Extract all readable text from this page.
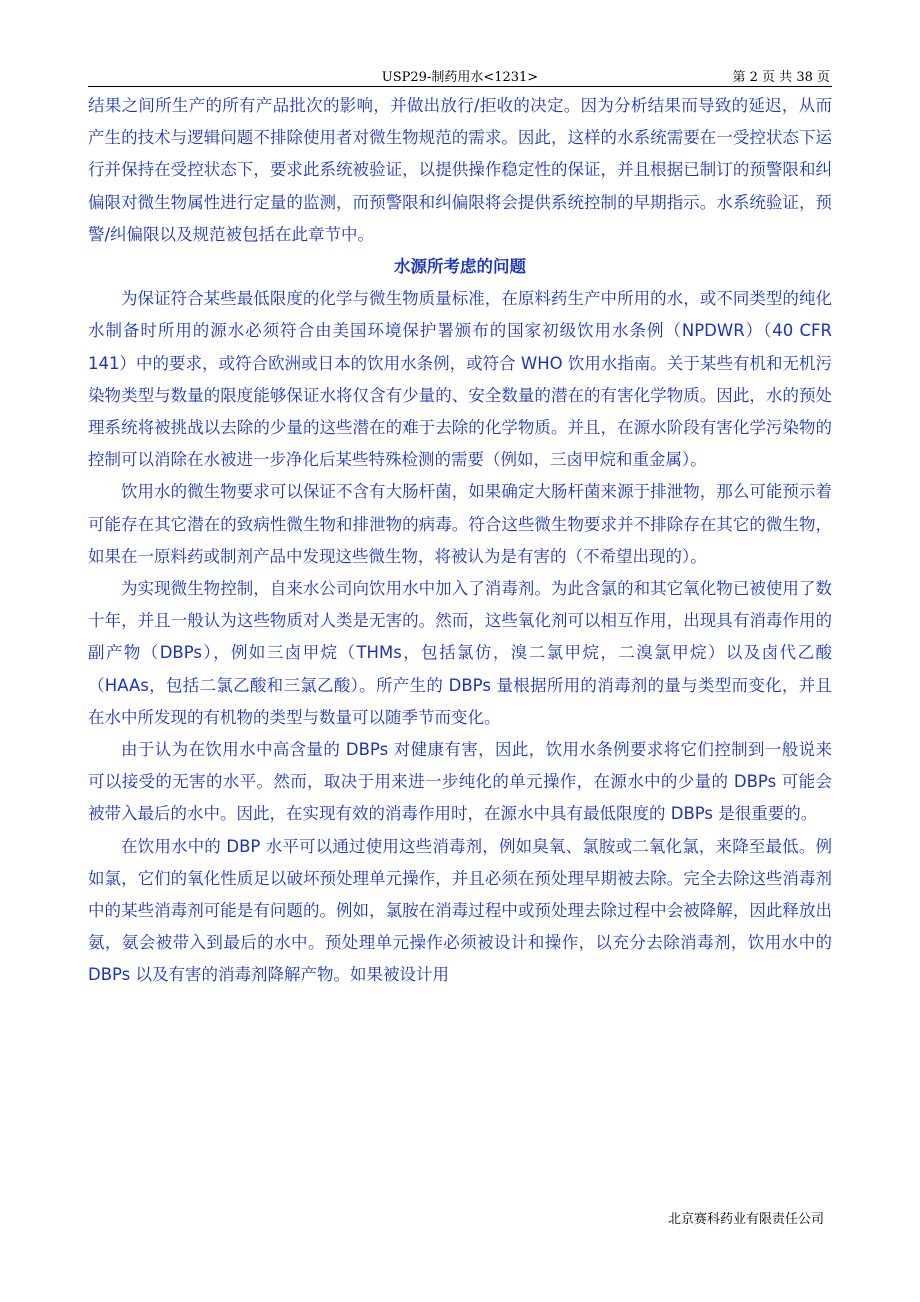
USP29-制药用水<1231>	第 2 页 共 38 页

结果之间所生产的所有产品批次的影响，并做出放行/拒收的决定。因为分析结果而导致的延迟，从而产生的技术与逻辑问题不排除使用者对微生物规范的需求。因此，这样的水系统需要在一受控状态下运行并保持在受控状态下，要求此系统被验证，以提供操作稳定性的保证，并且根据已制订的预警限和纠偏限对微生物属性进行定量的监测，而预警限和纠偏限将会提供系统控制的早期指示。水系统验证，预警/纠偏限以及规范被包括在此章节中。

水源所考虑的问题

为保证符合某些最低限度的化学与微生物质量标准，在原料药生产中所用的水，或不同类型的纯化水制备时所用的源水必须符合由美国环境保护署颁布的国家初级饮用水条例（NPDWR）（40 CFR 141）中的要求，或符合欧洲或日本的饮用水条例，或符合 WHO 饮用水指南。关于某些有机和无机污染物类型与数量的限度能够保证水将仅含有少量的、安全数量的潜在的有害化学物质。因此，水的预处理系统将被挑战以去除的少量的这些潜在的难于去除的化学物质。并且，在源水阶段有害化学污染物的控制可以消除在水被进一步净化后某些特殊检测的需要（例如，三卤甲烷和重金属）。

饮用水的微生物要求可以保证不含有大肠杆菌，如果确定大肠杆菌来源于排泄物，那么可能预示着可能存在其它潜在的致病性微生物和排泄物的病毒。符合这些微生物要求并不排除存在其它的微生物，如果在一原料药或制剂产品中发现这些微生物，将被认为是有害的（不希望出现的）。

为实现微生物控制，自来水公司向饮用水中加入了消毒剂。为此含氯的和其它氧化物已被使用了数十年，并且一般认为这些物质对人类是无害的。然而，这些氧化剂可以相互作用，出现具有消毒作用的副产物（DBPs），例如三卤甲烷（THMs，包括氯仿，溴二氯甲烷，二溴氯甲烷）以及卤代乙酸（HAAs，包括二氯乙酸和三氯乙酸）。所产生的 DBPs 量根据所用的消毒剂的量与类型而变化，并且在水中所发现的有机物的类型与数量可以随季节而变化。

由于认为在饮用水中高含量的 DBPs 对健康有害，因此，饮用水条例要求将它们控制到一般说来可以接受的无害的水平。然而，取决于用来进一步纯化的单元操作，在源水中的少量的 DBPs 可能会被带入最后的水中。因此，在实现有效的消毒作用时，在源水中具有最低限度的 DBPs 是很重要的。

在饮用水中的 DBP 水平可以通过使用这些消毒剂，例如臭氧、氯胺或二氧化氯，来降至最低。例如氯，它们的氧化性质足以破坏预处理单元操作，并且必须在预处理早期被去除。完全去除这些消毒剂中的某些消毒剂可能是有问题的。例如，氯胺在消毒过程中或预处理去除过程中会被降解，因此释放出氨，氨会被带入到最后的水中。预处理单元操作必须被设计和操作，以充分去除消毒剂，饮用水中的 DBPs 以及有害的消毒剂降解产物。如果被设计用

北京赛科药业有限责任公司
